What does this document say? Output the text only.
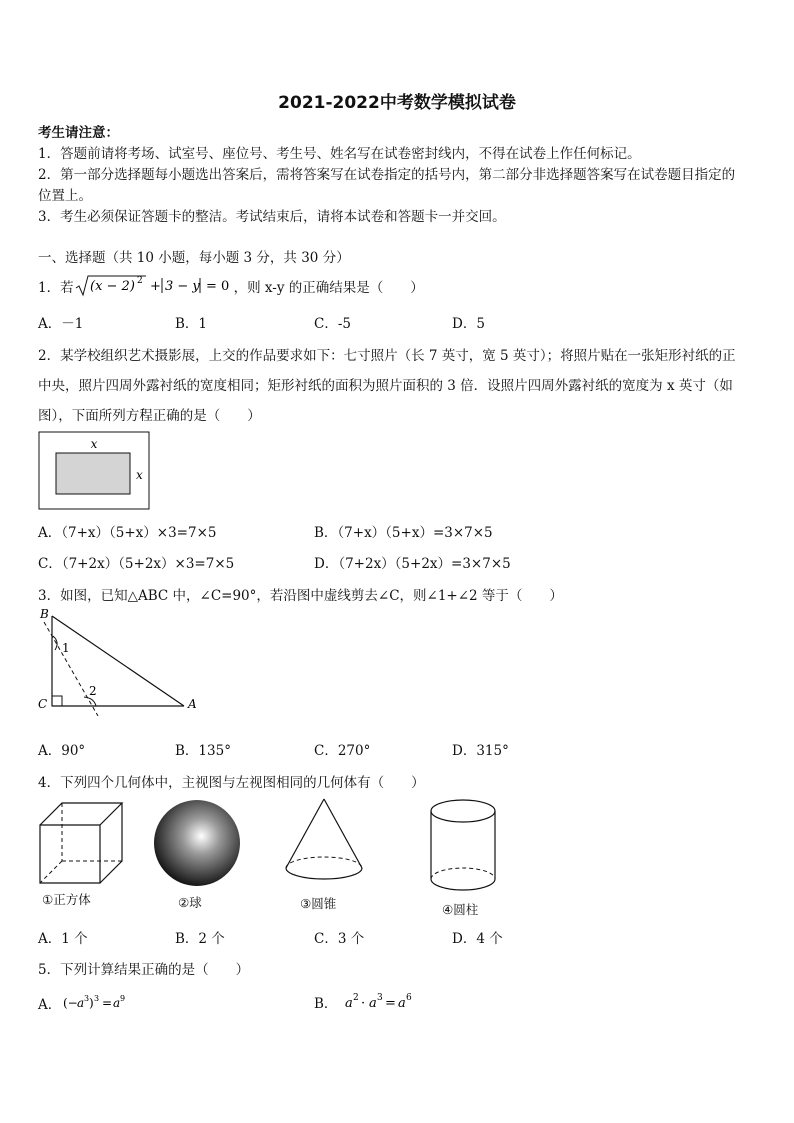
2021-2022中考数学模拟试卷
考生请注意：
1．答题前请将考场、试室号、座位号、考生号、姓名写在试卷密封线内，不得在试卷上作任何标记。
2．第一部分选择题每小题选出答案后，需将答案写在试卷指定的括号内，第二部分非选择题答案写在试卷题目指定的
位置上。
3．考生必须保证答题卡的整洁。考试结束后，请将本试卷和答题卡一并交回。
一、选择题（共 10 小题，每小题 3 分，共 30 分）
1．若 (x − 2) 2 + 3 − y = 0 ，则 x-y 的正确结果是（　　）
A．－1	B．1	C．-5	D．5
2．某学校组织艺术摄影展，上交的作品要求如下：七寸照片（长 7 英寸，宽 5 英寸）；将照片贴在一张矩形衬纸的正
中央，照片四周外露衬纸的宽度相同；矩形衬纸的面积为照片面积的 3 倍．设照片四周外露衬纸的宽度为 x 英寸（如
图），下面所列方程正确的是（　　）
x
x
A．（7+x）（5+x）×3=7×5	B．（7+x）（5+x）=3×7×5
C．（7+2x）（5+2x）×3=7×5	D．（7+2x）（5+2x）=3×7×5
3．如图，已知△ABC 中，∠C=90°，若沿图中虚线剪去∠C，则∠1+∠2 等于（　　）
B
C	A
1
2
A．90°	B．135°	C．270°	D．315°
4．下列四个几何体中，主视图与左视图相同的几何体有（　　）
①正方体	②球	③圆锥	④圆柱
A．1 个	B．2 个	C．3 个	D．4 个
5．下列计算结果正确的是（　　）
A． (− a 3 ) 3 = a 9	B． a 2 · a 3 = a 6
